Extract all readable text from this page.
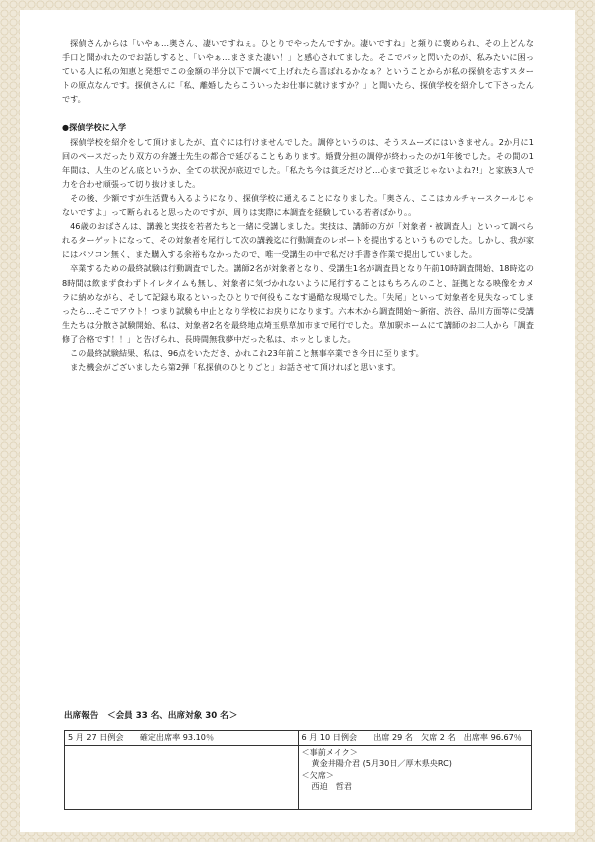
探偵さんからは「いやぁ…奥さん、凄いですねぇ。ひとりでやったんですか。凄いですね」と頻りに褒められ、その上どんな手口と聞かれたのでお話しすると、「いやぁ…まさまた凄い！」と感心されてました。そこでパッと閃いたのが、私みたいに困っている人に私の知恵と発想でこの金額の半分以下で調べて上げれたら喜ばれるかなぁ？ということからが私の探偵を志すスタートの原点なんです。探偵さんに「私、離婚したらこういったお仕事に就けますか？」と聞いたら、探偵学校を紹介して下さったんです。

●探偵学校に入学

探偵学校を紹介をして頂けましたが、直ぐには行けませんでした。調停というのは、そうスムーズにはいきません。2か月に1回のペースだったり双方の弁護士先生の都合で延びることもあります。婚費分担の調停が終わったのが1年後でした。その間の1年間は、人生のどん底というか、全ての状況が底辺でした。「私たち今は貧乏だけど…心まで貧乏じゃないよね?!」と家族3人で力を合わせ頑張って切り抜けました。

その後、少額ですが生活費も入るようになり、探偵学校に通えることになりました。「奥さん、ここはカルチャースクールじゃないですよ」って断られると思ったのですが、周りは実際に本調査を経験している若者ばかり。。

46歳のおばさんは、講義と実技を若者たちと一緒に受講しました。実技は、講師の方が「対象者・被調査人」といって調べられるターゲットになって、その対象者を尾行して次の講義迄に行動調査のレポートを提出するというものでした。しかし、我が家にはパソコン無く、また購入する余裕もなかったので、唯一受講生の中で私だけ手書き作業で提出していました。

卒業するための最終試験は行動調査でした。講師2名が対象者となり、受講生1名が調査員となり午前10時調査開始、18時迄の8時間は飲まず食わずトイレタイムも無し、対象者に気づかれないように尾行することはもちろんのこと、証拠となる映像をカメラに納めながら、そして記録も取るといったひとりで何役もこなす過酷な現場でした。「失尾」といって対象者を見失なってしまったら…そこでアウト！つまり試験も中止となり学校にお戻りになります。六本木から調査開始～新宿、渋谷、品川方面等に受講生たちは分散さ試験開始、私は、対象者2名を最終地点埼玉県草加市まで尾行でした。草加駅ホームにて講師のお二人から「調査修了合格です！！」と告げられ、長時間無我夢中だった私は、ホッとしました。

この最終試験結果、私は、96点をいただき、かれこれ23年前こと無事卒業でき今日に至ります。

また機会がございましたら第2弾「私探偵のひとりごと」お話させて頂ければと思います。

出席報告　＜会員 33 名、出席対象 30 名＞
5 月 27 日例会　　確定出席率 93.10％	6 月 10 日例会　　出席 29 名　欠席 2 名　出席率 96.67％

	＜事前メイク＞
黄金井陽介君 (5月30日／厚木県央RC)
＜欠席＞
西迫　哲君
